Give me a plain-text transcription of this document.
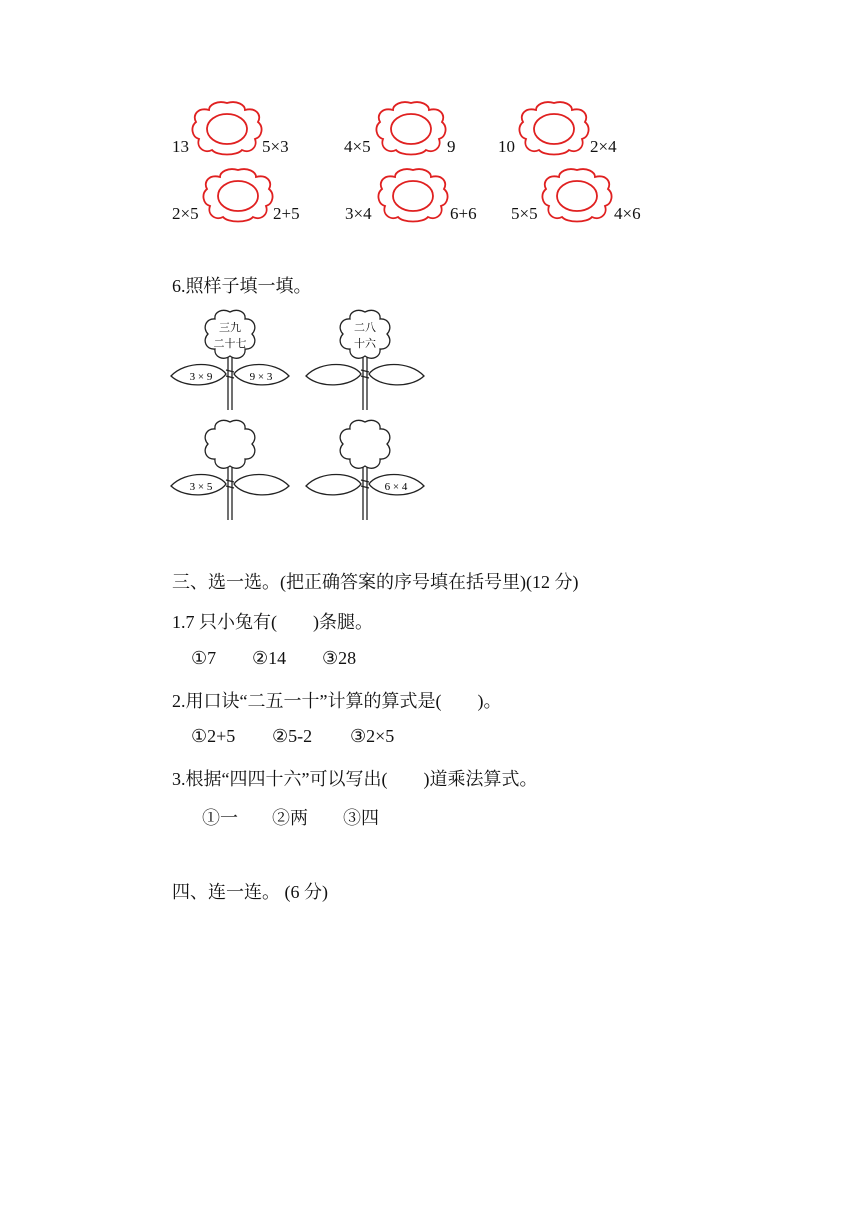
13	5×3	4×5	9	10	2×4
2×5	2+5	3×4	6+6 5×5	4×6
6.照样子填一填。
三九
二十七
3 × 9	9 × 3
二八
十六
3 × 5	6 × 4
三、选一选。(把正确答案的序号填在括号里)(12 分)
1.7 只小兔有(　　)条腿。
①7 ②14 ③28
2.用口诀“二五一十”计算的算式是(　　)。
①2+5 ②5-2 ③2×5
3.根据“四四十六”可以写出(　　)道乘法算式。
①一 ②两 ③四
四、连一连。 (6 分)
